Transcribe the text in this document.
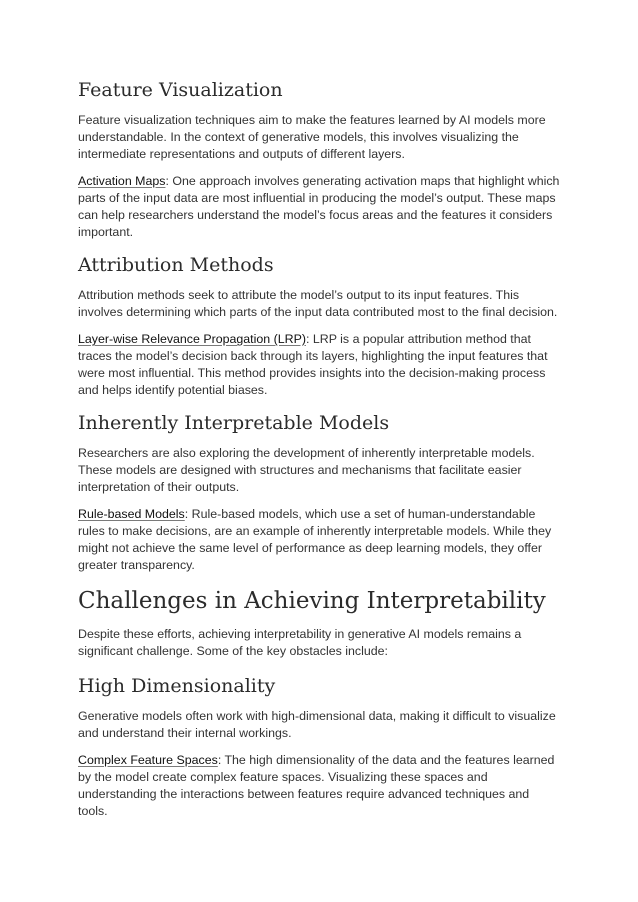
Feature Visualization

Feature visualization techniques aim to make the features learned by AI models more understandable. In the context of generative models, this involves visualizing the intermediate representations and outputs of different layers.

Activation Maps: One approach involves generating activation maps that highlight which parts of the input data are most influential in producing the model’s output. These maps can help researchers understand the model’s focus areas and the features it considers important.

Attribution Methods

Attribution methods seek to attribute the model’s output to its input features. This involves determining which parts of the input data contributed most to the final decision.

Layer-wise Relevance Propagation (LRP): LRP is a popular attribution method that traces the model’s decision back through its layers, highlighting the input features that were most influential. This method provides insights into the decision-making process and helps identify potential biases.

Inherently Interpretable Models

Researchers are also exploring the development of inherently interpretable models. These models are designed with structures and mechanisms that facilitate easier interpretation of their outputs.

Rule-based Models: Rule-based models, which use a set of human-understandable rules to make decisions, are an example of inherently interpretable models. While they might not achieve the same level of performance as deep learning models, they offer greater transparency.

Challenges in Achieving Interpretability

Despite these efforts, achieving interpretability in generative AI models remains a significant challenge. Some of the key obstacles include:

High Dimensionality

Generative models often work with high-dimensional data, making it difficult to visualize and understand their internal workings.

Complex Feature Spaces: The high dimensionality of the data and the features learned by the model create complex feature spaces. Visualizing these spaces and understanding the interactions between features require advanced techniques and tools.
